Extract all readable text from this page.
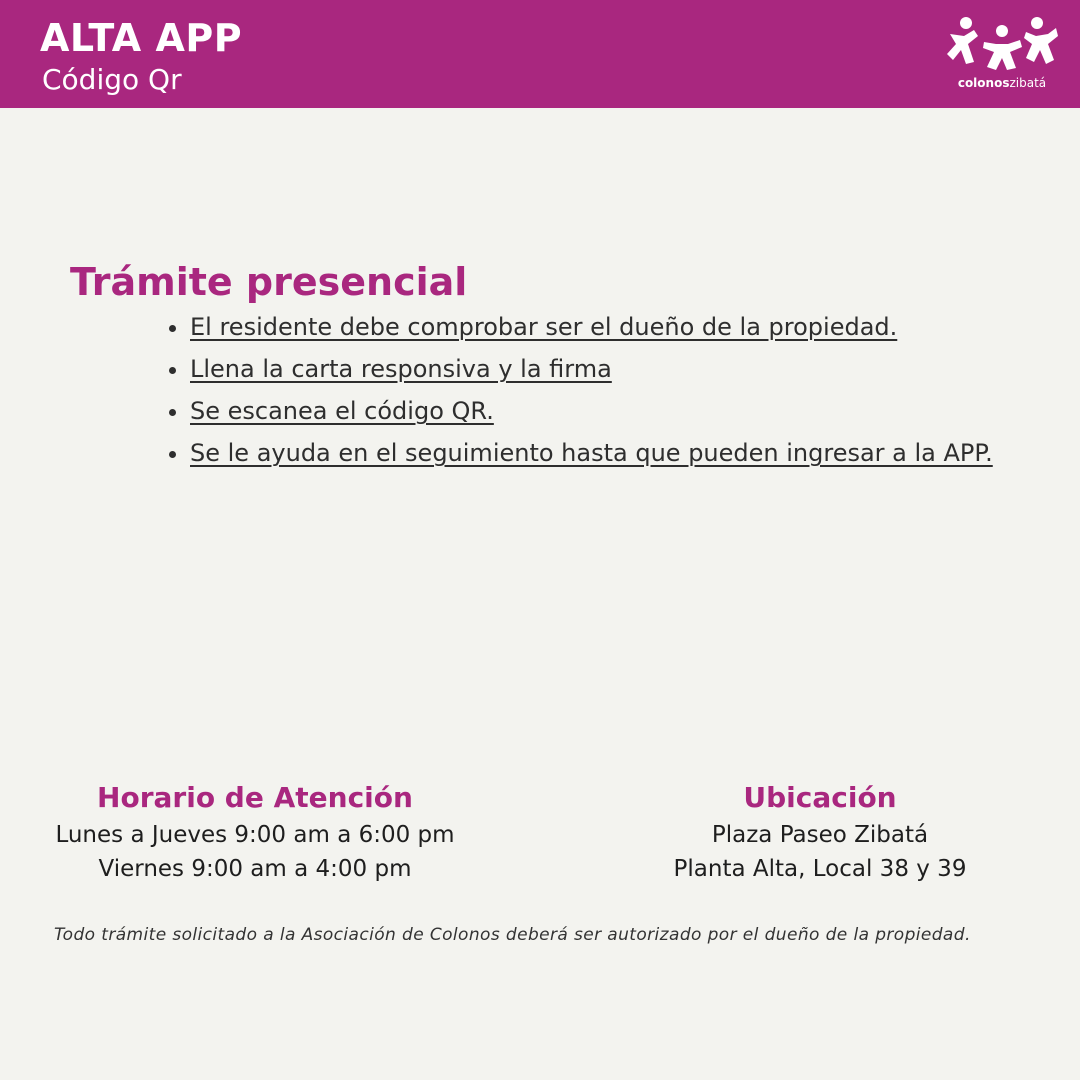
ALTA APP
Código Qr	colonoszibatá
Trámite presencial
• El residente debe comprobar ser el dueño de la propiedad.
• Llena la carta responsiva y la firma
• Se escanea el código QR.
• Se le ayuda en el seguimiento hasta que pueden ingresar a la APP.
Horario de Atención
Lunes a Jueves 9:00 am a 6:00 pm
Viernes 9:00 am a 4:00 pm
Ubicación
Plaza Paseo Zibatá
Planta Alta, Local 38 y 39
Todo trámite solicitado a la Asociación de Colonos deberá ser autorizado por el dueño de la propiedad.
